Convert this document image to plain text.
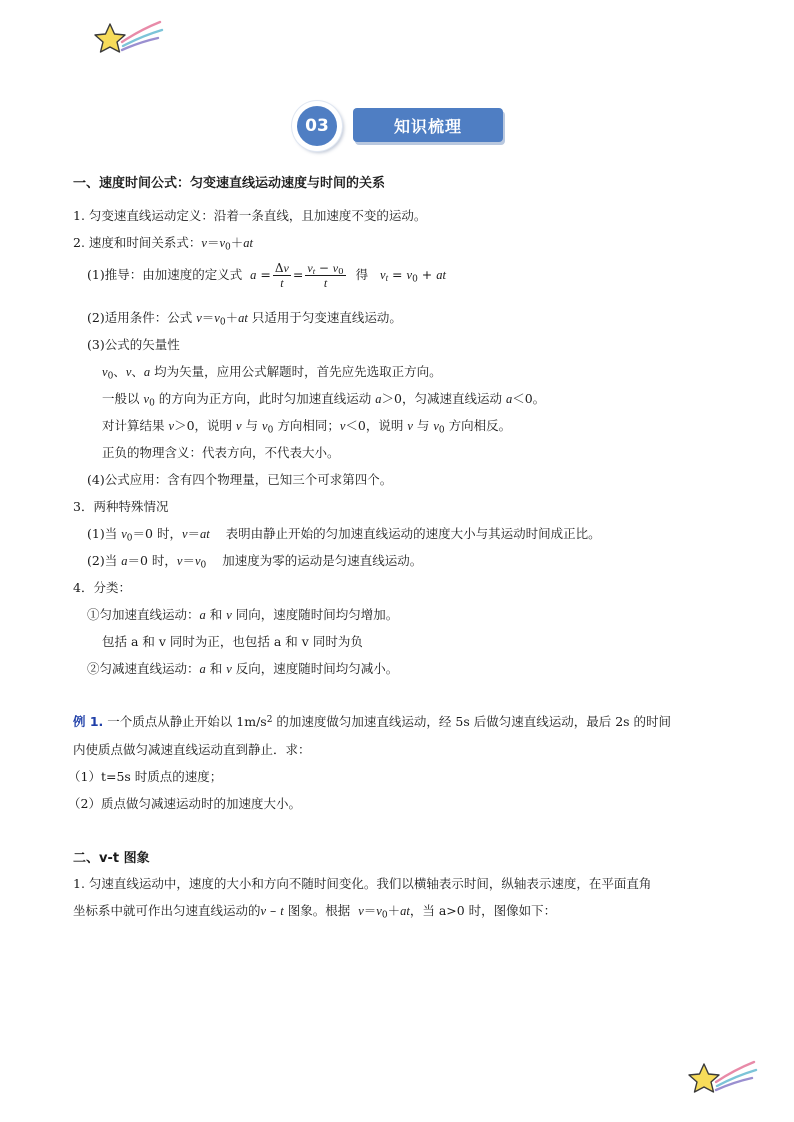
知识梳理
03
一、速度时间公式：匀变速直线运动速度与时间的关系
1. 匀变速直线运动定义：沿着一条直线，且加速度不变的运动。
2. 速度和时间关系式：$v=v_0+at$
(1)推导：由加速度的定义式 $a = \frac{\Delta v}{t} = \frac{v_t - v_0}{t}$ 得 $v_t = v_0$ + at
(2)适用条件：公式 $v=v_0+at$ 只适用于匀变速直线运动。
(3)公式的矢量性
$v_0$、v、a 均为矢量，应用公式解题时，首先应先选取正方向。
一般以 $v_0$ 的方向为正方向，此时匀加速直线运动 a＞0，匀减速直线运动 a＜0。
对计算结果 v＞0，说明 v 与 $v_0$ 方向相同；v＜0，说明 v 与 $v_0$ 方向相反。
正负的物理含义：代表方向，不代表大小。
(4)公式应用：含有四个物理量，已知三个可求第四个。
3．两种特殊情况
(1)当 $v_0=0$ 时，v＝at 表明由静止开始的匀加速直线运动的速度大小与其运动时间成正比。
(2)当 a＝0 时，$v=v_0$ 加速度为零的运动是匀速直线运动。
4．分类：
①匀加速直线运动：a 和 v 同向，速度随时间均匀增加。
包括 a 和 v 同时为正，也包括 a 和 v 同时为负
②匀减速直线运动：a 和 v 反向，速度随时间均匀减小。
例 1. 一个质点从静止开始以 $1m/s^2$ 的加速度做匀加速直线运动，经 5s 后做匀速直线运动，最后 2s 的时间
内使质点做匀减速直线运动直到静止．求：
（1）t=5s 时质点的速度；
（2）质点做匀减速运动时的加速度大小。
二、v-t 图象
1. 匀速直线运动中，速度的大小和方向不随时间变化。我们以横轴表示时间，纵轴表示速度，在平面直角
坐标系中就可作出匀速直线运动的v – t 图象。根据 $v=v_0+at$，当 a>0 时，图像如下：
